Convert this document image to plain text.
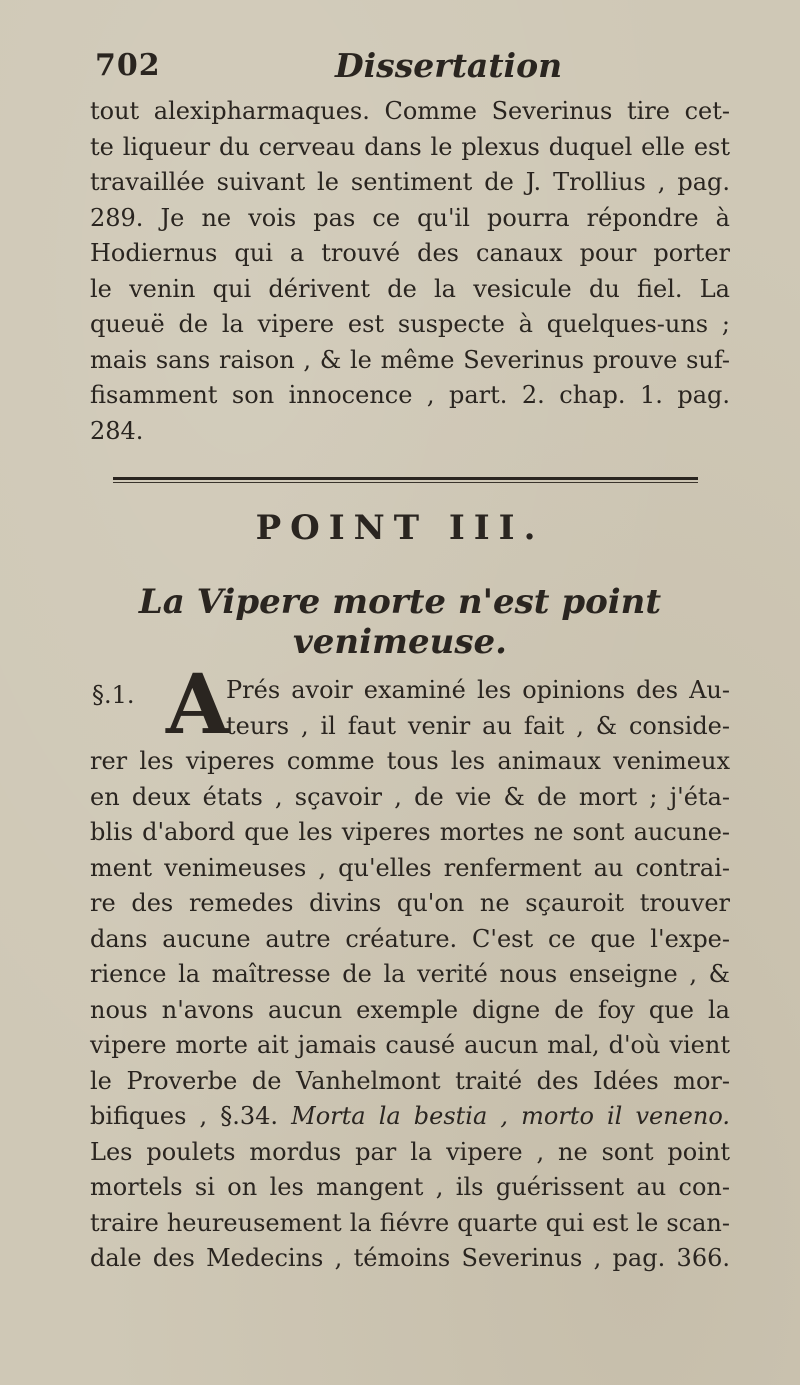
702	Dissertation
tout alexipharmaques. Comme Severinus tire cet-
te liqueur du cerveau dans le plexus duquel elle est
travaillée suivant le sentiment de J. Trollius , pag.
289. Je ne vois pas ce qu'il pourra répondre à
Hodiernus qui a trouvé des canaux pour porter
le venin qui dérivent de la vesicule du fiel. La
queuë de la vipere est suspecte à quelques-uns ;
mais sans raison , & le même Severinus prouve suf-
fisamment son innocence , part. 2. chap. 1. pag.
284.
POINT III.
La Vipere morte n'est point venimeuse.
§.1. A
Prés avoir examiné les opinions des Au-
teurs , il faut venir au fait , & conside-
rer les viperes comme tous les animaux venimeux
en deux états , sçavoir , de vie & de mort ; j'éta-
blis d'abord que les viperes mortes ne sont aucune-
ment venimeuses , qu'elles renferment au contrai-
re des remedes divins qu'on ne sçauroit trouver
dans aucune autre créature. C'est ce que l'expe-
rience la maîtresse de la verité nous enseigne , &
nous n'avons aucun exemple digne de foy que la
vipere morte ait jamais causé aucun mal, d'où vient
le Proverbe de Vanhelmont traité des Idées mor-
bifiques , §.34. Morta la bestia , morto il veneno.
Les poulets mordus par la vipere , ne sont point
mortels si on les mangent , ils guérissent au con-
traire heureusement la fiévre quarte qui est le scan-
dale des Medecins , témoins Severinus , pag. 366.
